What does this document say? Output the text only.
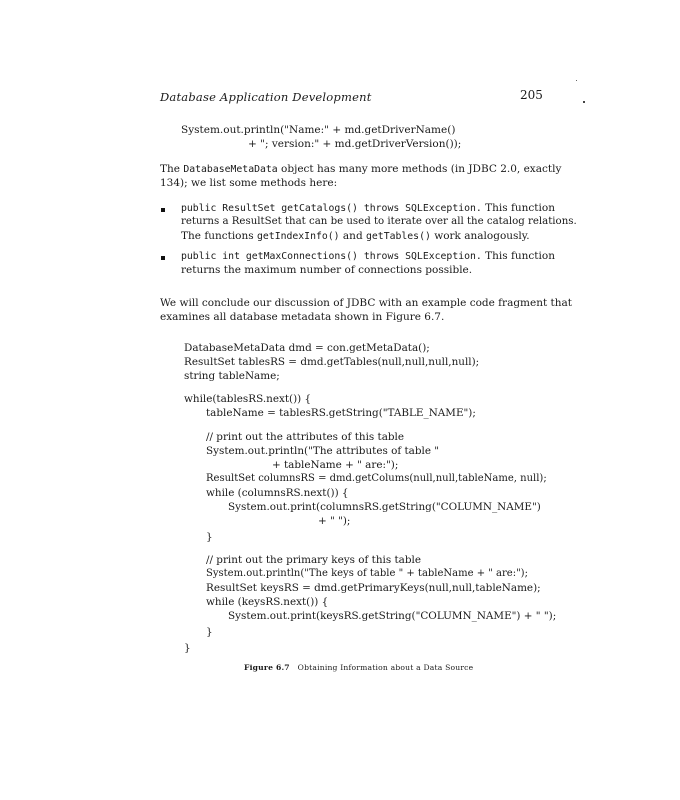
Database Application Development	205
System.out.println("Name:" + md.getDriverName()
+ "; version:" + md.getDriverVersion());
The DatabaseMetaData object has many more methods (in JDBC 2.0, exactly
134); we list some methods here:
public ResultSet getCatalogs() throws SQLException. This function
returns a ResultSet that can be used to iterate over all the catalog relations.
The functions getIndexInfo() and getTables() work analogously.
public int getMaxConnections() throws SQLException. This function
returns the maximum number of connections possible.
We will conclude our discussion of JDBC with an example code fragment that
examines all database metadata shown in Figure 6.7.
DatabaseMetaData dmd = con.getMetaData();
ResultSet tablesRS = dmd.getTables(null,null,null,null);
string tableName;
while(tablesRS.next()) {
tableName = tablesRS.getString("TABLE_NAME");
// print out the attributes of this table
System.out.println("The attributes of table "
+ tableName + " are:");
ResultSet columnsRS = dmd.getColums(null,null,tableName, null);
while (columnsRS.next()) {
System.out.print(columnsRS.getString("COLUMN_NAME")
+ " ");
}
// print out the primary keys of this table
System.out.println("The keys of table " + tableName + " are:");
ResultSet keysRS = dmd.getPrimaryKeys(null,null,tableName);
while (keysRS.next()) {
System.out.print(keysRS.getString("COLUMN_NAME") + " ");
}
}
Figure 6.7 Obtaining Information about a Data Source
